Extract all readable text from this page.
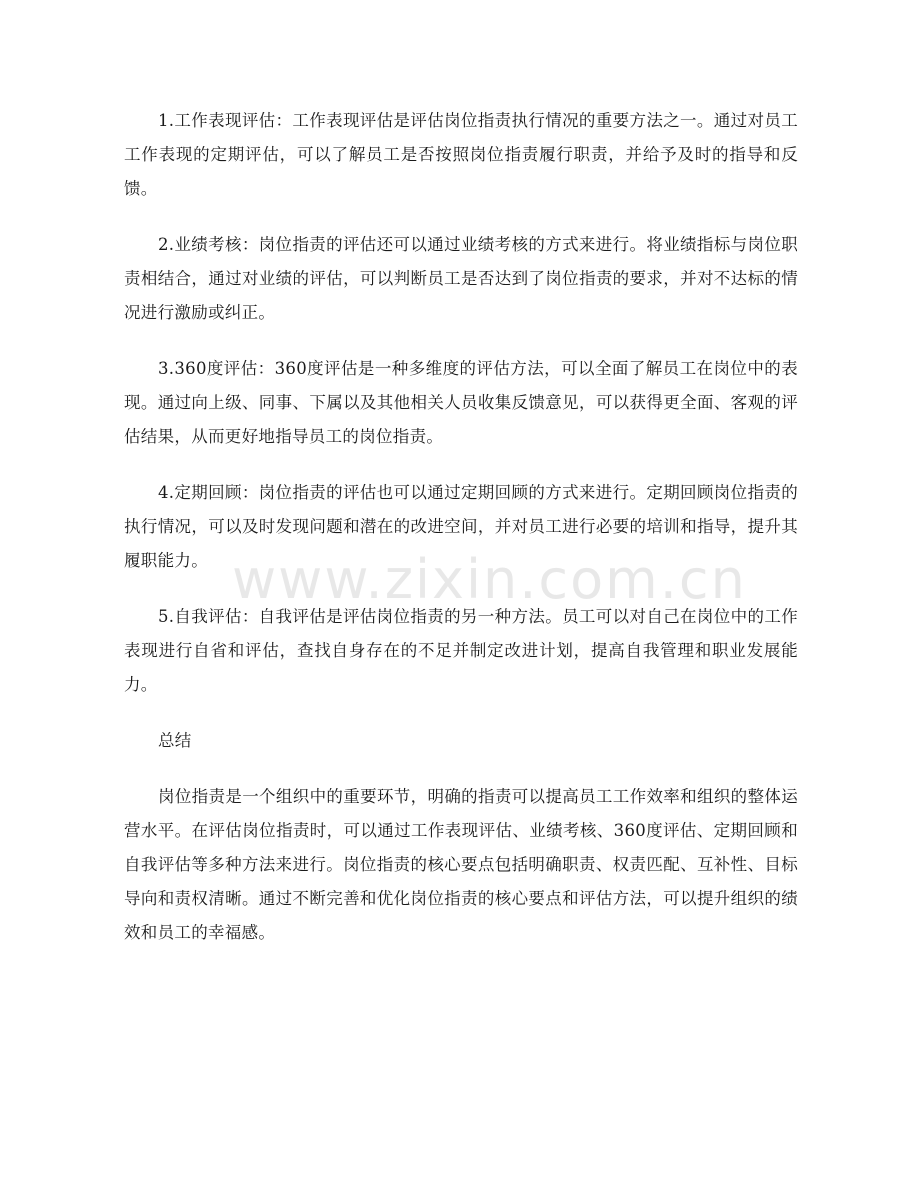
1.工作表现评估：工作表现评估是评估岗位指责执行情况的重要方法之一。通过对员工工作表现的定期评估，可以了解员工是否按照岗位指责履行职责，并给予及时的指导和反馈。

2.业绩考核：岗位指责的评估还可以通过业绩考核的方式来进行。将业绩指标与岗位职责相结合，通过对业绩的评估，可以判断员工是否达到了岗位指责的要求，并对不达标的情况进行激励或纠正。

3.360度评估：360度评估是一种多维度的评估方法，可以全面了解员工在岗位中的表现。通过向上级、同事、下属以及其他相关人员收集反馈意见，可以获得更全面、客观的评估结果，从而更好地指导员工的岗位指责。

4.定期回顾：岗位指责的评估也可以通过定期回顾的方式来进行。定期回顾岗位指责的执行情况，可以及时发现问题和潜在的改进空间，并对员工进行必要的培训和指导，提升其履职能力。

5.自我评估：自我评估是评估岗位指责的另一种方法。员工可以对自己在岗位中的工作表现进行自省和评估，查找自身存在的不足并制定改进计划，提高自我管理和职业发展能力。

总结

岗位指责是一个组织中的重要环节，明确的指责可以提高员工工作效率和组织的整体运营水平。在评估岗位指责时，可以通过工作表现评估、业绩考核、360度评估、定期回顾和自我评估等多种方法来进行。岗位指责的核心要点包括明确职责、权责匹配、互补性、目标导向和责权清晰。通过不断完善和优化岗位指责的核心要点和评估方法，可以提升组织的绩效和员工的幸福感。

www.zixin.com.cn
